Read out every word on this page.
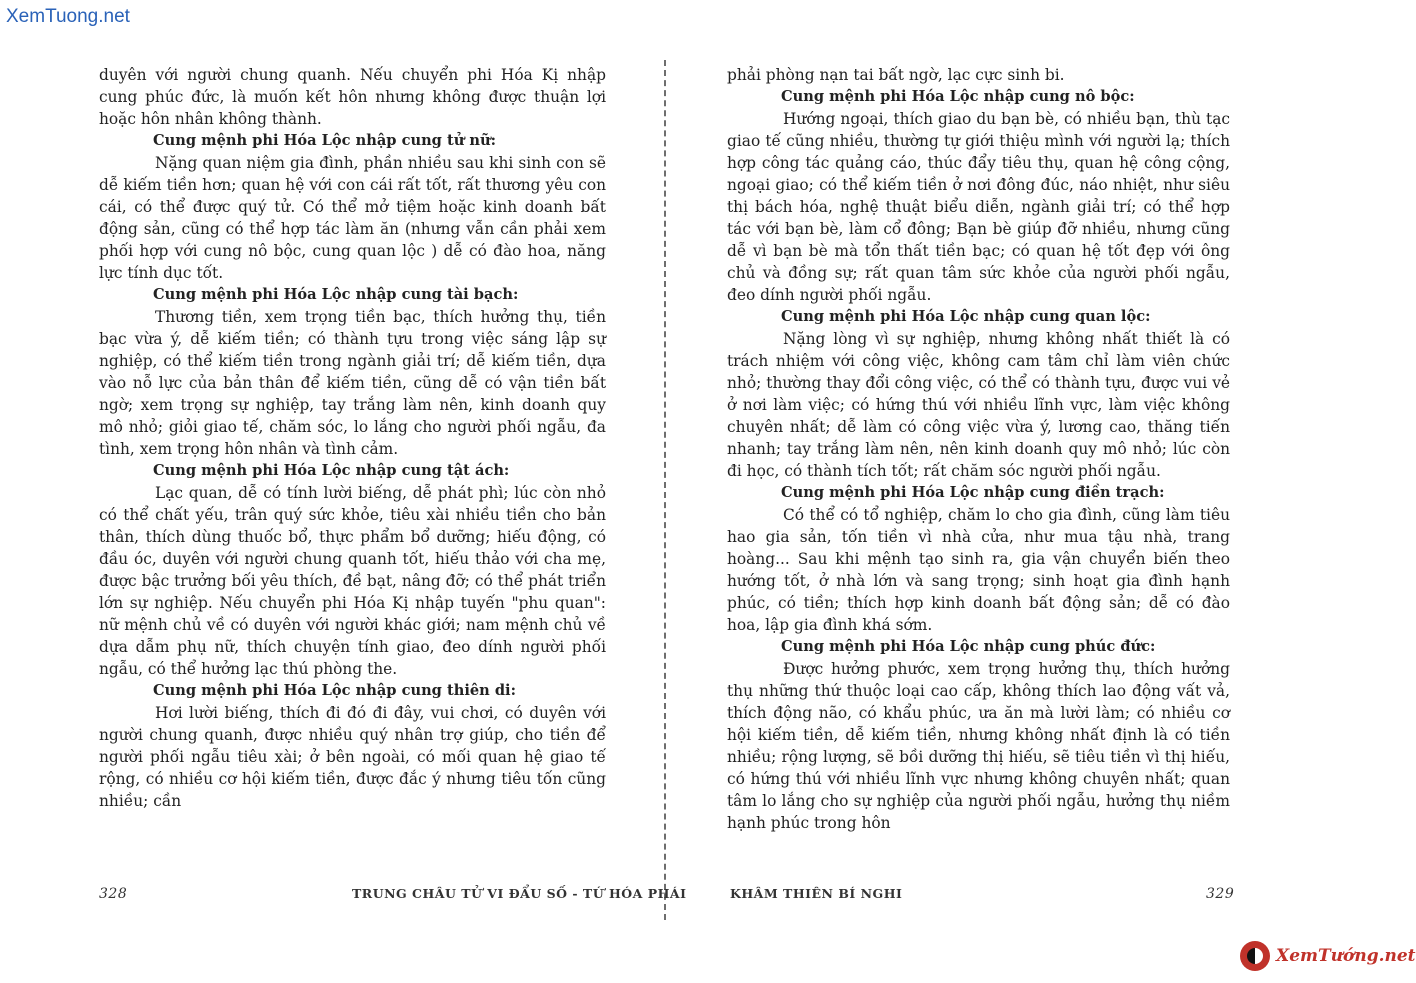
XemTuong.net

duyên với người chung quanh. Nếu chuyển phi Hóa Kị nhập cung phúc đức, là muốn kết hôn nhưng không được thuận lợi hoặc hôn nhân không thành.

Cung mệnh phi Hóa Lộc nhập cung tử nữ:

Nặng quan niệm gia đình, phần nhiều sau khi sinh con sẽ dễ kiếm tiền hơn; quan hệ với con cái rất tốt, rất thương yêu con cái, có thể được quý tử. Có thể mở tiệm hoặc kinh doanh bất động sản, cũng có thể hợp tác làm ăn (nhưng vẫn cần phải xem phối hợp với cung nô bộc, cung quan lộc ) dễ có đào hoa, năng lực tính dục tốt.

Cung mệnh phi Hóa Lộc nhập cung tài bạch:

Thương tiền, xem trọng tiền bạc, thích hưởng thụ, tiền bạc vừa ý, dễ kiếm tiền; có thành tựu trong việc sáng lập sự nghiệp, có thể kiếm tiền trong ngành giải trí; dễ kiếm tiền, dựa vào nỗ lực của bản thân để kiếm tiền, cũng dễ có vận tiền bất ngờ; xem trọng sự nghiệp, tay trắng làm nên, kinh doanh quy mô nhỏ; giỏi giao tế, chăm sóc, lo lắng cho người phối ngẫu, đa tình, xem trọng hôn nhân và tình cảm.

Cung mệnh phi Hóa Lộc nhập cung tật ách:

Lạc quan, dễ có tính lười biếng, dễ phát phì; lúc còn nhỏ có thể chất yếu, trân quý sức khỏe, tiêu xài nhiều tiền cho bản thân, thích dùng thuốc bổ, thực phẩm bổ dưỡng; hiếu động, có đầu óc, duyên với người chung quanh tốt, hiếu thảo với cha mẹ, được bậc trưởng bối yêu thích, đề bạt, nâng đỡ; có thể phát triển lớn sự nghiệp. Nếu chuyển phi Hóa Kị nhập tuyến "phu quan": nữ mệnh chủ về có duyên với người khác giới; nam mệnh chủ về dựa dẫm phụ nữ, thích chuyện tính giao, đeo dính người phối ngẫu, có thể hưởng lạc thú phòng the.

Cung mệnh phi Hóa Lộc nhập cung thiên di:

Hơi lười biếng, thích đi đó đi đây, vui chơi, có duyên với người chung quanh, được nhiều quý nhân trợ giúp, cho tiền để người phối ngẫu tiêu xài; ở bên ngoài, có mối quan hệ giao tế rộng, có nhiều cơ hội kiếm tiền, được đắc ý nhưng tiêu tốn cũng nhiều; cần

phải phòng nạn tai bất ngờ, lạc cực sinh bi.

Cung mệnh phi Hóa Lộc nhập cung nô bộc:

Hướng ngoại, thích giao du bạn bè, có nhiều bạn, thù tạc giao tế cũng nhiều, thường tự giới thiệu mình với người lạ; thích hợp công tác quảng cáo, thúc đẩy tiêu thụ, quan hệ công cộng, ngoại giao; có thể kiếm tiền ở nơi đông đúc, náo nhiệt, như siêu thị bách hóa, nghệ thuật biểu diễn, ngành giải trí; có thể hợp tác với bạn bè, làm cổ đông; Bạn bè giúp đỡ nhiều, nhưng cũng dễ vì bạn bè mà tổn thất tiền bạc; có quan hệ tốt đẹp với ông chủ và đồng sự; rất quan tâm sức khỏe của người phối ngẫu, đeo dính người phối ngẫu.

Cung mệnh phi Hóa Lộc nhập cung quan lộc:

Nặng lòng vì sự nghiệp, nhưng không nhất thiết là có trách nhiệm với công việc, không cam tâm chỉ làm viên chức nhỏ; thường thay đổi công việc, có thể có thành tựu, được vui vẻ ở nơi làm việc; có hứng thú với nhiều lĩnh vực, làm việc không chuyên nhất; dễ làm có công việc vừa ý, lương cao, thăng tiến nhanh; tay trắng làm nên, nên kinh doanh quy mô nhỏ; lúc còn đi học, có thành tích tốt; rất chăm sóc người phối ngẫu.

Cung mệnh phi Hóa Lộc nhập cung điền trạch:

Có thể có tổ nghiệp, chăm lo cho gia đình, cũng làm tiêu hao gia sản, tốn tiền vì nhà cửa, như mua tậu nhà, trang hoàng... Sau khi mệnh tạo sinh ra, gia vận chuyển biến theo hướng tốt, ở nhà lớn và sang trọng; sinh hoạt gia đình hạnh phúc, có tiền; thích hợp kinh doanh bất động sản; dễ có đào hoa, lập gia đình khá sớm.

Cung mệnh phi Hóa Lộc nhập cung phúc đức:

Được hưởng phước, xem trọng hưởng thụ, thích hưởng thụ những thứ thuộc loại cao cấp, không thích lao động vất vả, thích động não, có khẩu phúc, ưa ăn mà lười làm; có nhiều cơ hội kiếm tiền, dễ kiếm tiền, nhưng không nhất định là có tiền nhiều; rộng lượng, sẽ bồi dưỡng thị hiếu, sẽ tiêu tiền vì thị hiếu, có hứng thú với nhiều lĩnh vực nhưng không chuyên nhất; quan tâm lo lắng cho sự nghiệp của người phối ngẫu, hưởng thụ niềm hạnh phúc trong hôn

328	TRUNG CHÂU TỬ VI ĐẨU SỐ - TỨ HÓA PHÁI	KHÂM THIÊN BÍ NGHI	329
XemTướng.net
